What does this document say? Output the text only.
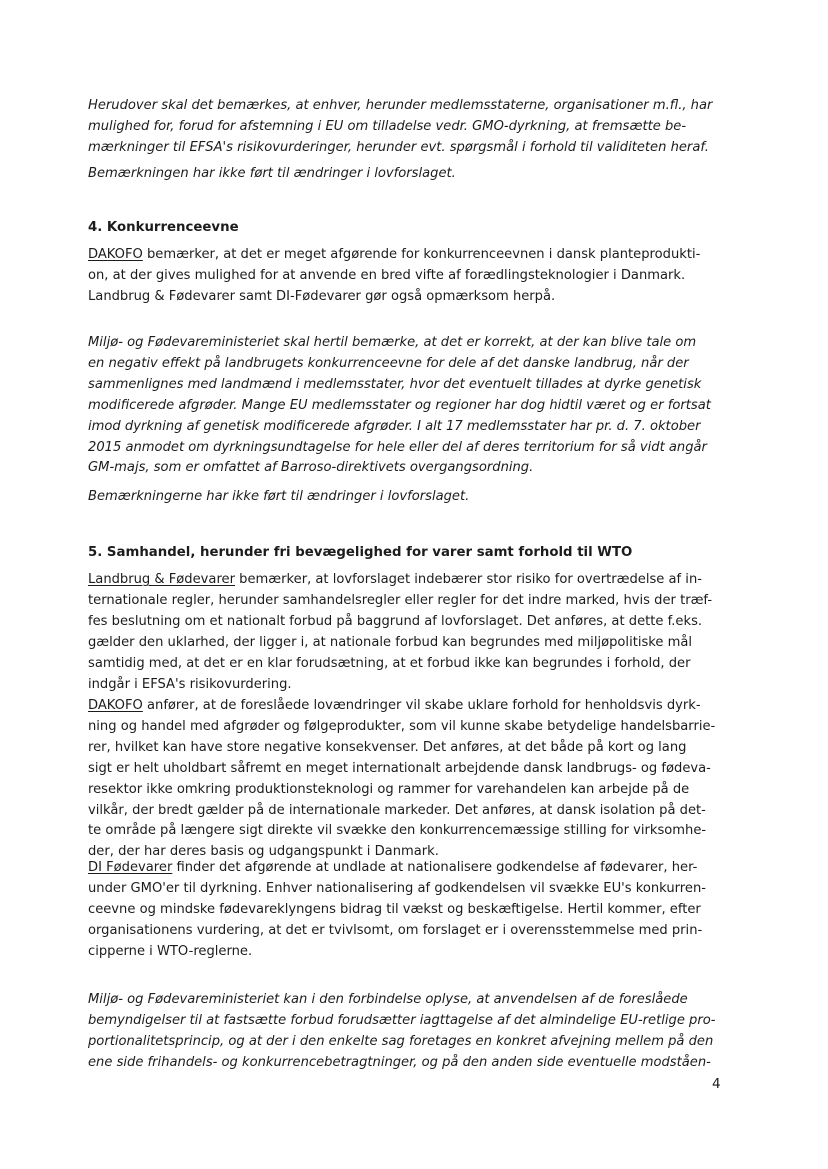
Herudover skal det bemærkes, at enhver, herunder medlemsstaterne, organisationer m.fl., har
mulighed for, forud for afstemning i EU om tilladelse vedr. GMO-dyrkning, at fremsætte be-
mærkninger til EFSA's risikovurderinger, herunder evt. spørgsmål i forhold til validiteten heraf.
Bemærkningen har ikke ført til ændringer i lovforslaget.
4. Konkurrenceevne
DAKOFO bemærker, at det er meget afgørende for konkurrenceevnen i dansk planteprodukti-
on, at der gives mulighed for at anvende en bred vifte af forædlingsteknologier i Danmark.
Landbrug & Fødevarer samt DI-Fødevarer gør også opmærksom herpå.
Miljø- og Fødevareministeriet skal hertil bemærke, at det er korrekt, at der kan blive tale om
en negativ effekt på landbrugets konkurrenceevne for dele af det danske landbrug, når der
sammenlignes med landmænd i medlemsstater, hvor det eventuelt tillades at dyrke genetisk
modificerede afgrøder. Mange EU medlemsstater og regioner har dog hidtil været og er fortsat
imod dyrkning af genetisk modificerede afgrøder. I alt 17 medlemsstater har pr. d. 7. oktober
2015 anmodet om dyrkningsundtagelse for hele eller del af deres territorium for så vidt angår
GM-majs, som er omfattet af Barroso-direktivets overgangsordning.
Bemærkningerne har ikke ført til ændringer i lovforslaget.
5. Samhandel, herunder fri bevægelighed for varer samt forhold til WTO
Landbrug & Fødevarer bemærker, at lovforslaget indebærer stor risiko for overtrædelse af in-
ternationale regler, herunder samhandelsregler eller regler for det indre marked, hvis der træf-
fes beslutning om et nationalt forbud på baggrund af lovforslaget. Det anføres, at dette f.eks.
gælder den uklarhed, der ligger i, at nationale forbud kan begrundes med miljøpolitiske mål
samtidig med, at det er en klar forudsætning, at et forbud ikke kan begrundes i forhold, der
indgår i EFSA's risikovurdering.
DAKOFO anfører, at de foreslåede lovændringer vil skabe uklare forhold for henholdsvis dyrk-
ning og handel med afgrøder og følgeprodukter, som vil kunne skabe betydelige handelsbarrie-
rer, hvilket kan have store negative konsekvenser. Det anføres, at det både på kort og lang
sigt er helt uholdbart såfremt en meget internationalt arbejdende dansk landbrugs- og fødeva-
resektor ikke omkring produktionsteknologi og rammer for varehandelen kan arbejde på de
vilkår, der bredt gælder på de internationale markeder. Det anføres, at dansk isolation på det-
te område på længere sigt direkte vil svække den konkurrencemæssige stilling for virksomhe-
der, der har deres basis og udgangspunkt i Danmark.
DI Fødevarer finder det afgørende at undlade at nationalisere godkendelse af fødevarer, her-
under GMO'er til dyrkning. Enhver nationalisering af godkendelsen vil svække EU's konkurren-
ceevne og mindske fødevareklyngens bidrag til vækst og beskæftigelse. Hertil kommer, efter
organisationens vurdering, at det er tvivlsomt, om forslaget er i overensstemmelse med prin-
cipperne i WTO-reglerne.
Miljø- og Fødevareministeriet kan i den forbindelse oplyse, at anvendelsen af de foreslåede
bemyndigelser til at fastsætte forbud forudsætter iagttagelse af det almindelige EU-retlige pro-
portionalitetsprincip, og at der i den enkelte sag foretages en konkret afvejning mellem på den
ene side frihandels- og konkurrencebetragtninger, og på den anden side eventuelle modståen-
4
